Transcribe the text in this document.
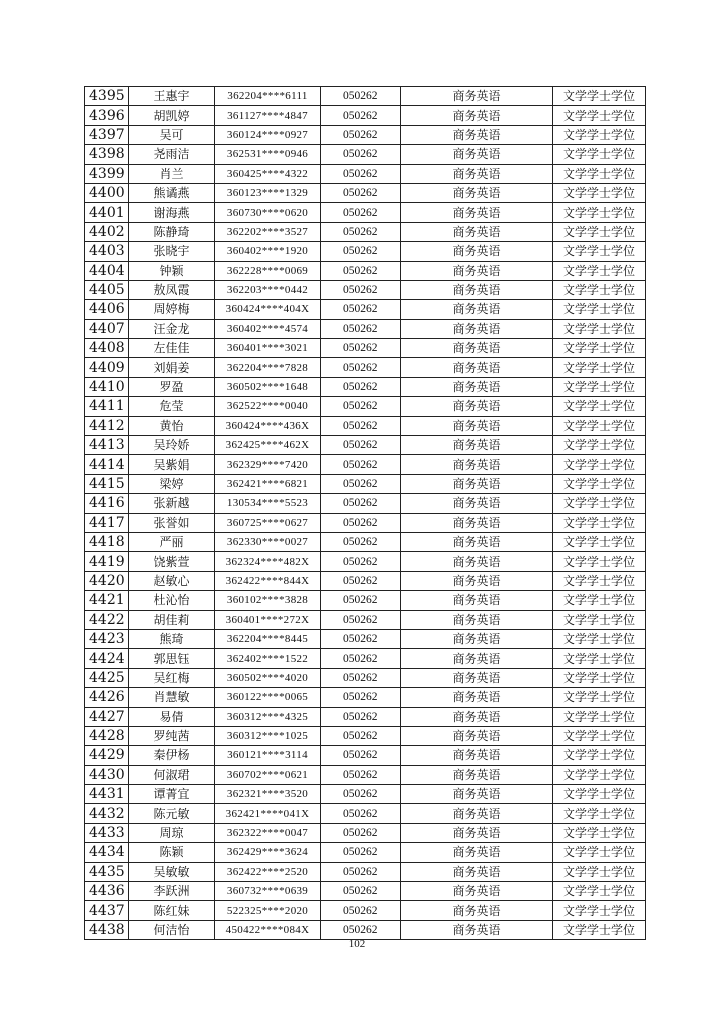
4395	王惠宇	362204****6111	050262	商务英语	文学学士学位
4396	胡凯婷	361127****4847	050262	商务英语	文学学士学位
4397	吴可	360124****0927	050262	商务英语	文学学士学位
4398	尧雨洁	362531****0946	050262	商务英语	文学学士学位
4399	肖兰	360425****4322	050262	商务英语	文学学士学位
4400	熊谲燕	360123****1329	050262	商务英语	文学学士学位
4401	谢海燕	360730****0620	050262	商务英语	文学学士学位
4402	陈静琦	362202****3527	050262	商务英语	文学学士学位
4403	张晓宇	360402****1920	050262	商务英语	文学学士学位
4404	钟颖	362228****0069	050262	商务英语	文学学士学位
4405	敖凤霞	362203****0442	050262	商务英语	文学学士学位
4406	周婷梅	360424****404X	050262	商务英语	文学学士学位
4407	汪金龙	360402****4574	050262	商务英语	文学学士学位
4408	左佳佳	360401****3021	050262	商务英语	文学学士学位
4409	刘娟姜	362204****7828	050262	商务英语	文学学士学位
4410	罗盈	360502****1648	050262	商务英语	文学学士学位
4411	危莹	362522****0040	050262	商务英语	文学学士学位
4412	黄怡	360424****436X	050262	商务英语	文学学士学位
4413	吴玲娇	362425****462X	050262	商务英语	文学学士学位
4414	吴紫娟	362329****7420	050262	商务英语	文学学士学位
4415	梁婷	362421****6821	050262	商务英语	文学学士学位
4416	张新越	130534****5523	050262	商务英语	文学学士学位
4417	张誉如	360725****0627	050262	商务英语	文学学士学位
4418	严丽	362330****0027	050262	商务英语	文学学士学位
4419	饶紫萱	362324****482X	050262	商务英语	文学学士学位
4420	赵敏心	362422****844X	050262	商务英语	文学学士学位
4421	杜沁怡	360102****3828	050262	商务英语	文学学士学位
4422	胡佳莉	360401****272X	050262	商务英语	文学学士学位
4423	熊琦	362204****8445	050262	商务英语	文学学士学位
4424	郭思钰	362402****1522	050262	商务英语	文学学士学位
4425	吴红梅	360502****4020	050262	商务英语	文学学士学位
4426	肖慧敏	360122****0065	050262	商务英语	文学学士学位
4427	易倩	360312****4325	050262	商务英语	文学学士学位
4428	罗纯茜	360312****1025	050262	商务英语	文学学士学位
4429	秦伊杨	360121****3114	050262	商务英语	文学学士学位
4430	何淑珺	360702****0621	050262	商务英语	文学学士学位
4431	谭菁宜	362321****3520	050262	商务英语	文学学士学位
4432	陈元敏	362421****041X	050262	商务英语	文学学士学位
4433	周琼	362322****0047	050262	商务英语	文学学士学位
4434	陈颖	362429****3624	050262	商务英语	文学学士学位
4435	吴敏敏	362422****2520	050262	商务英语	文学学士学位
4436	李跃洲	360732****0639	050262	商务英语	文学学士学位
4437	陈红妹	522325****2020	050262	商务英语	文学学士学位
4438	何洁怡	450422****084X	050262	商务英语	文学学士学位
102
